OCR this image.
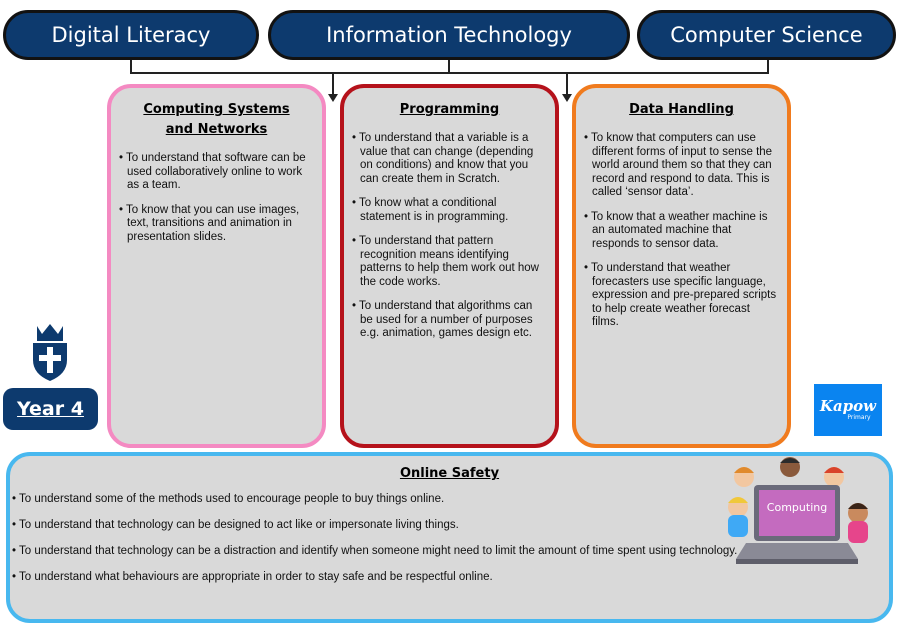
Digital Literacy	Information Technology	Computer Science
Computing Systems and Networks
• To understand that software can be used collaboratively online to work as a team.
• To know that you can use images, text, transitions and animation in presentation slides.
Programming
• To understand that a variable is a value that can change (depending on conditions) and know that you can create them in Scratch.
• To know what a conditional statement is in programming.
• To understand that pattern recognition means identifying patterns to help them work out how the code works.
• To understand that algorithms can be used for a number of purposes e.g. animation, games design etc.
Data Handling
• To know that computers can use different forms of input to sense the world around them so that they can record and respond to data. This is called ‘sensor data’.
• To know that a weather machine is an automated machine that responds to sensor data.
• To understand that weather forecasters use specific language, expression and pre-prepared scripts to help create weather forecast films.
Year 4	Kapow
Primary
Online Safety
• To understand some of the methods used to encourage people to buy things online.
• To understand that technology can be designed to act like or impersonate living things.
• To understand that technology can be a distraction and identify when someone might need to limit the amount of time spent using technology.
• To understand what behaviours are appropriate in order to stay safe and be respectful online.
Computing
